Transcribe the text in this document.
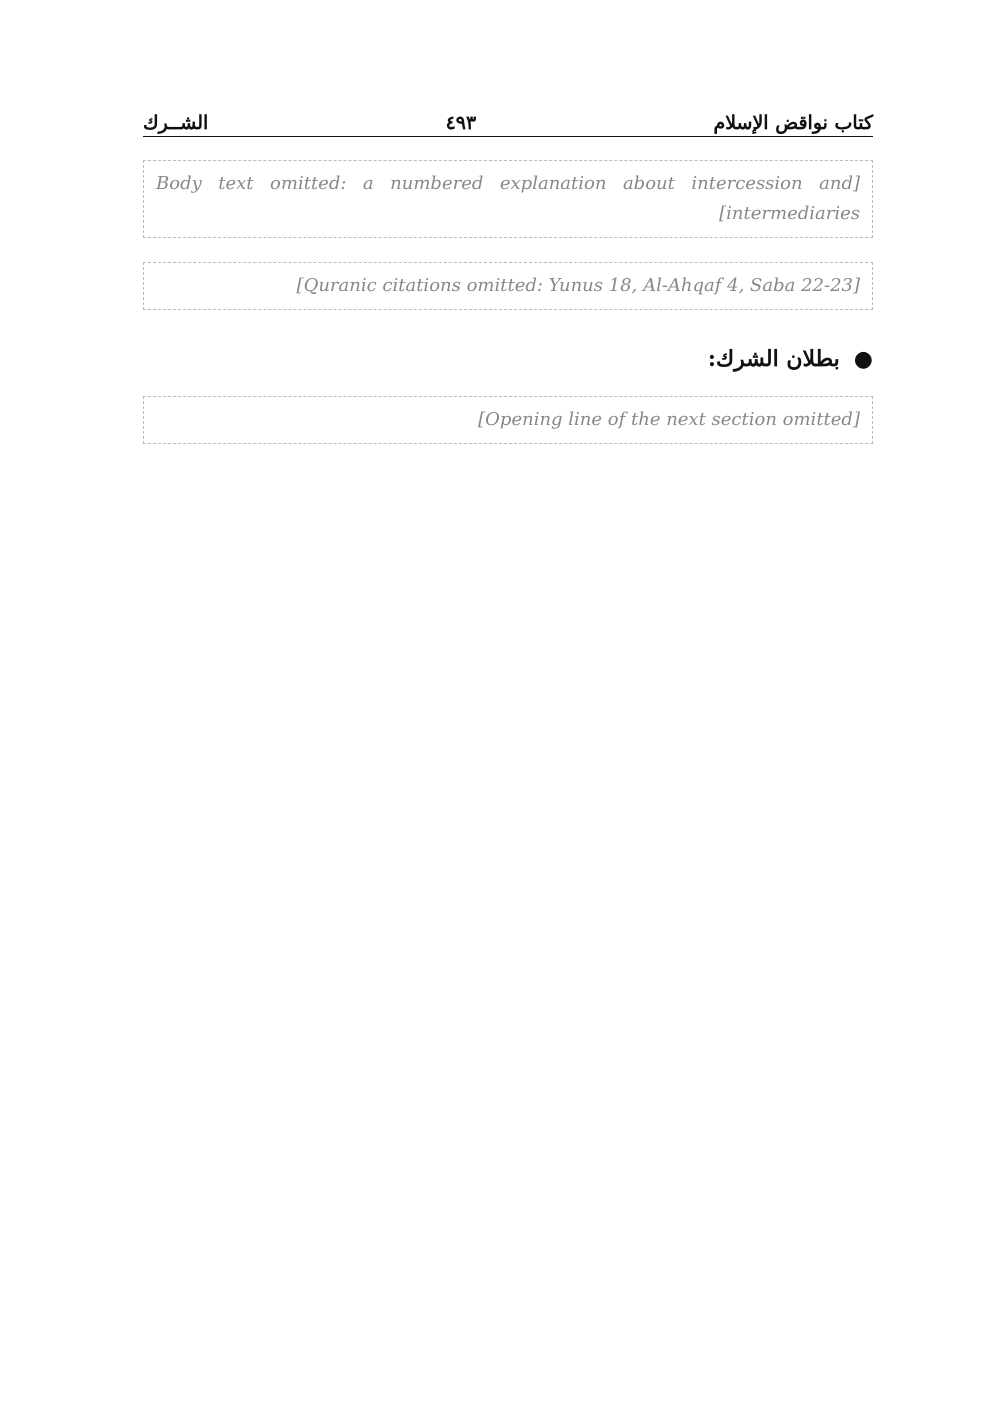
كتاب نواقض الإسلام
٤٩٣
الشــرك
[Body text omitted: a numbered explanation about intercession and intermediaries]
[Quranic citations omitted: Yunus 18, Al-Ahqaf 4, Saba 22-23]
●بطلان الشرك:
[Opening line of the next section omitted]
